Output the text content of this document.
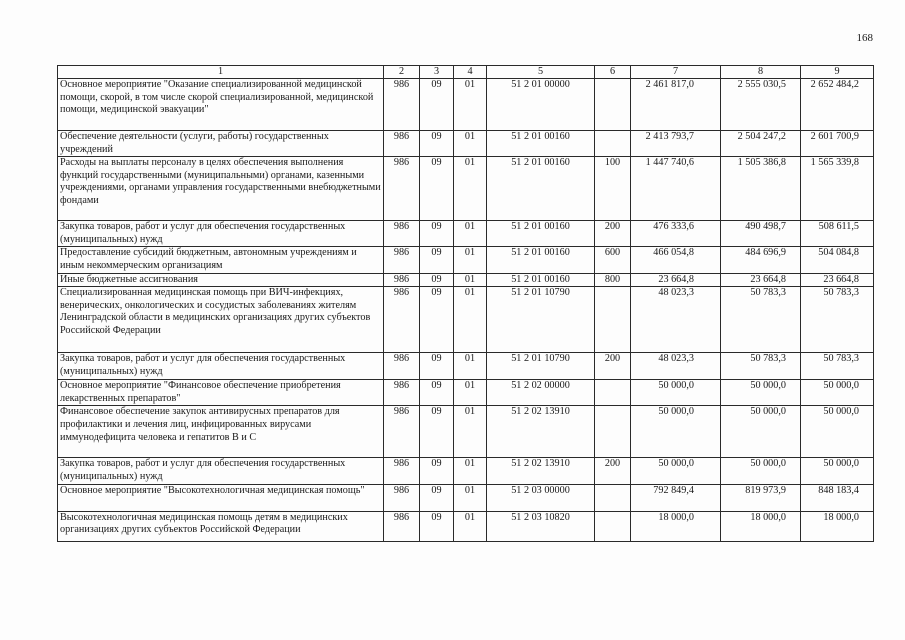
168
1	2	3	4	5	6	7	8	9
Основное мероприятие "Оказание специализированной медицинской помощи, скорой, в том числе скорой специализированной, медицинской помощи, медицинской эвакуации"	986	09	01	51 2 01 00000		2 461 817,0	2 555 030,5	2 652 484,2
Обеспечение деятельности (услуги, работы) государственных учреждений	986	09	01	51 2 01 00160		2 413 793,7	2 504 247,2	2 601 700,9
Расходы на выплаты персоналу в целях обеспечения выполнения функций государственными (муниципальными) органами, казенными учреждениями, органами управления государственными внебюджетными фондами	986	09	01	51 2 01 00160	100	1 447 740,6	1 505 386,8	1 565 339,8
Закупка товаров, работ и услуг для обеспечения государственных (муниципальных) нужд	986	09	01	51 2 01 00160	200	476 333,6	490 498,7	508 611,5
Предоставление субсидий бюджетным, автономным учреждениям и иным некоммерческим организациям	986	09	01	51 2 01 00160	600	466 054,8	484 696,9	504 084,8
Иные бюджетные ассигнования	986	09	01	51 2 01 00160	800	23 664,8	23 664,8	23 664,8
Специализированная медицинская помощь при ВИЧ-инфекциях, венерических, онкологических и сосудистых заболеваниях жителям Ленинградской области в медицинских организациях других субъектов Российской Федерации	986	09	01	51 2 01 10790		48 023,3	50 783,3	50 783,3
Закупка товаров, работ и услуг для обеспечения государственных (муниципальных) нужд	986	09	01	51 2 01 10790	200	48 023,3	50 783,3	50 783,3
Основное мероприятие "Финансовое обеспечение приобретения лекарственных препаратов"	986	09	01	51 2 02 00000		50 000,0	50 000,0	50 000,0
Финансовое обеспечение закупок антивирусных препаратов для профилактики и лечения лиц, инфицированных вирусами иммунодефицита человека и гепатитов В и С	986	09	01	51 2 02 13910		50 000,0	50 000,0	50 000,0
Закупка товаров, работ и услуг для обеспечения государственных (муниципальных) нужд	986	09	01	51 2 02 13910	200	50 000,0	50 000,0	50 000,0
Основное мероприятие "Высокотехнологичная медицинская помощь"	986	09	01	51 2 03 00000		792 849,4	819 973,9	848 183,4
Высокотехнологичная медицинская помощь детям в медицинских организациях других субъектов Российской Федерации	986	09	01	51 2 03 10820		18 000,0	18 000,0	18 000,0
